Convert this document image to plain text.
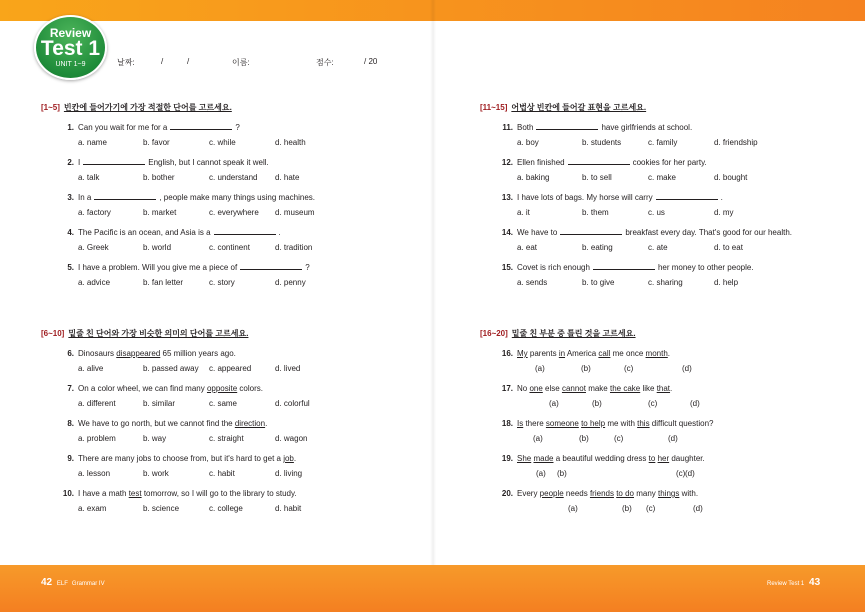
Review
Test 1
UNIT 1~9	날짜:	/	/	이름:	점수:	/ 20
[1~5] 빈칸에 들어가기에 가장 적절한 단어를 고르세요.
[6~10] 밑줄 친 단어와 가장 비슷한 의미의 단어를 고르세요.
[11~15] 어법상 빈칸에 들어갈 표현을 고르세요.
[16~20] 밑줄 친 부분 중 틀린 것을 고르세요.
1. Can you wait for me for a	?
a. name	b. favor	c. while	d. health
2. I	English, but I cannot speak it well.
a. talk	b. bother	c. understand d. hate
3. In a	, people make many things using machines.
a. factory	b. market	c. everywhere d. museum
4. The Pacific is an ocean, and Asia is a	.
a. Greek	b. world	c. continent	d. tradition
5. I have a problem. Will you give me a piece of	?
a. advice	b. fan letter	c. story	d. penny
6. Dinosaurs disappeared 65 million years ago.
a. alive	b. passed away c. appeared	d. lived
7. On a color wheel, we can find many opposite colors.
a. different	b. similar	c. same	d. colorful
8. We have to go north, but we cannot find the direction.
a. problem	b. way	c. straight	d. wagon
9. There are many jobs to choose from, but it's hard to get a job.
a. lesson	b. work	c. habit	d. living
10. I have a math test tomorrow, so I will go to the library to study.
a. exam	b. science	c. college	d. habit
11. Both	have girlfriends at school.
a. boy	b. students	c. family	d. friendship
12. Ellen finished	cookies for her party.
a. baking	b. to sell	c. make	d. bought
13. I have lots of bags. My horse will carry	.
a. it	b. them	c. us	d. my
14. We have to	breakfast every day. That's good for our health.
a. eat	b. eating	c. ate	d. to eat
15. Covet is rich enough	her money to other people.
a. sends	b. to give	c. sharing	d. help
16. My parents in America call me once month.
(a)	(b)	(c)	(d)
17. No one else cannot make the cake like that.
(a)	(b)	(c)	(d)
18. Is there someone to help me with this difficult question?
(a)	(b)	(c)	(d)
19. She made a beautiful wedding dress to her daughter.
(a) (b)	(c) (d)
20. Every people needs friends to do many things with.
(a)	(b) (c)	(d)
42 ELF Grammar IV	Review Test 1 43
